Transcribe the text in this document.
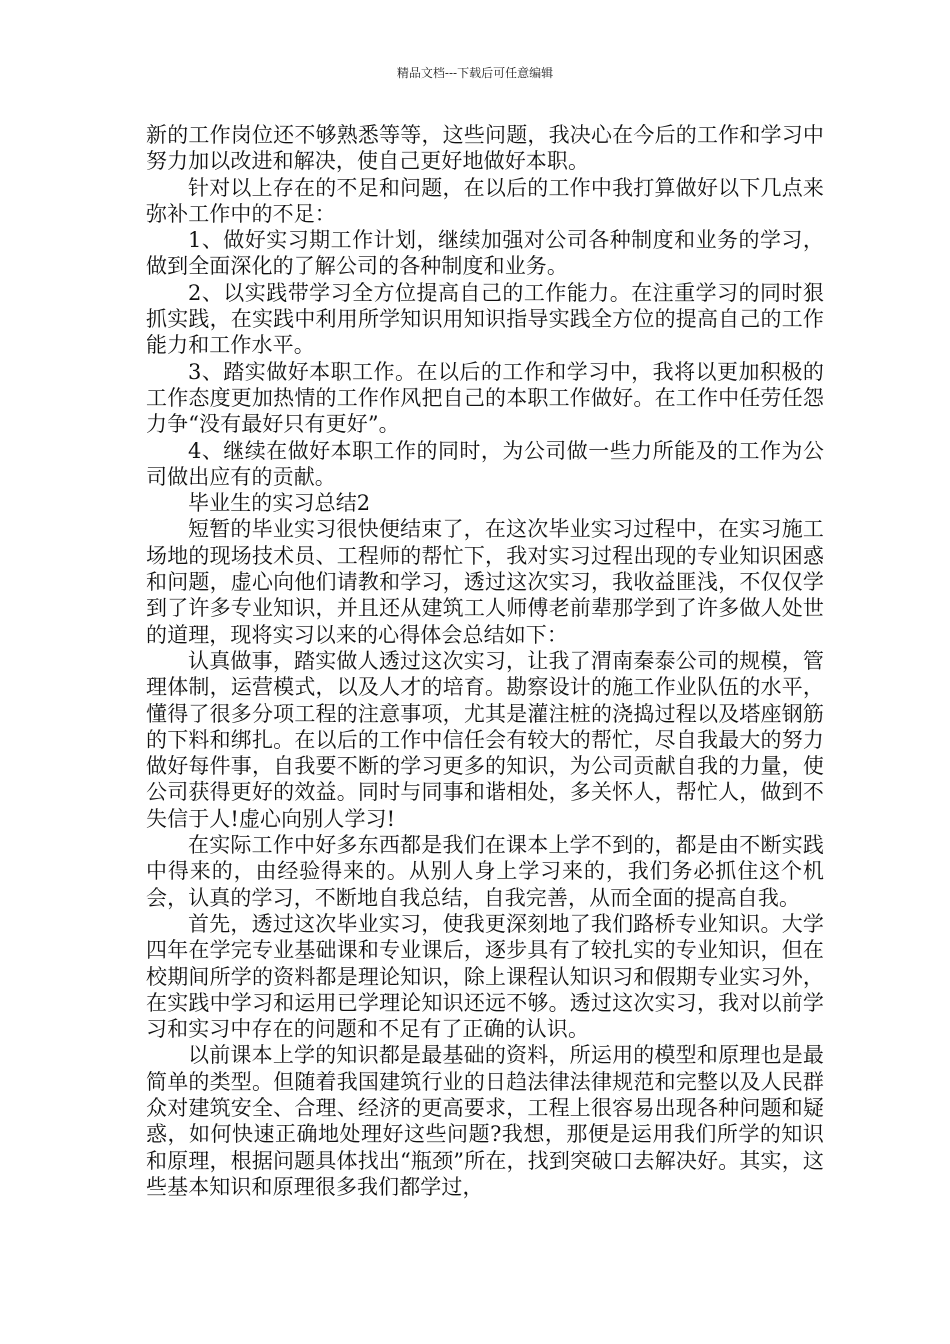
精品文档---下载后可任意编辑

新的工作岗位还不够熟悉等等，这些问题，我决心在今后的工作和学习中努力加以改进和解决，使自己更好地做好本职。

针对以上存在的不足和问题，在以后的工作中我打算做好以下几点来弥补工作中的不足：

1、做好实习期工作计划，继续加强对公司各种制度和业务的学习，做到全面深化的了解公司的各种制度和业务。

2、以实践带学习全方位提高自己的工作能力。在注重学习的同时狠抓实践，在实践中利用所学知识用知识指导实践全方位的提高自己的工作能力和工作水平。

3、踏实做好本职工作。在以后的工作和学习中，我将以更加积极的工作态度更加热情的工作作风把自己的本职工作做好。在工作中任劳任怨力争“没有最好只有更好”。

4、继续在做好本职工作的同时，为公司做一些力所能及的工作为公司做出应有的贡献。

毕业生的实习总结2

短暂的毕业实习很快便结束了，在这次毕业实习过程中，在实习施工场地的现场技术员、工程师的帮忙下，我对实习过程出现的专业知识困惑和问题，虚心向他们请教和学习，透过这次实习，我收益匪浅，不仅仅学到了许多专业知识，并且还从建筑工人师傅老前辈那学到了许多做人处世的道理，现将实习以来的心得体会总结如下：

认真做事，踏实做人透过这次实习，让我了渭南秦泰公司的规模，管理体制，运营模式，以及人才的培育。勘察设计的施工作业队伍的水平，懂得了很多分项工程的注意事项，尤其是灌注桩的浇捣过程以及塔座钢筋的下料和绑扎。在以后的工作中信任会有较大的帮忙，尽自我最大的努力做好每件事，自我要不断的学习更多的知识，为公司贡献自我的力量，使公司获得更好的效益。同时与同事和谐相处，多关怀人，帮忙人，做到不失信于人!虚心向别人学习!

在实际工作中好多东西都是我们在课本上学不到的，都是由不断实践中得来的，由经验得来的。从别人身上学习来的，我们务必抓住这个机会，认真的学习，不断地自我总结，自我完善，从而全面的提高自我。

首先，透过这次毕业实习，使我更深刻地了我们路桥专业知识。大学四年在学完专业基础课和专业课后，逐步具有了较扎实的专业知识，但在校期间所学的资料都是理论知识，除上课程认知识习和假期专业实习外，在实践中学习和运用已学理论知识还远不够。透过这次实习，我对以前学习和实习中存在的问题和不足有了正确的认识。

以前课本上学的知识都是最基础的资料，所运用的模型和原理也是最简单的类型。但随着我国建筑行业的日趋法律法律规范和完整以及人民群众对建筑安全、合理、经济的更高要求，工程上很容易出现各种问题和疑惑，如何快速正确地处理好这些问题?我想，那便是运用我们所学的知识和原理，根据问题具体找出“瓶颈”所在，找到突破口去解决好。其实，这些基本知识和原理很多我们都学过，
